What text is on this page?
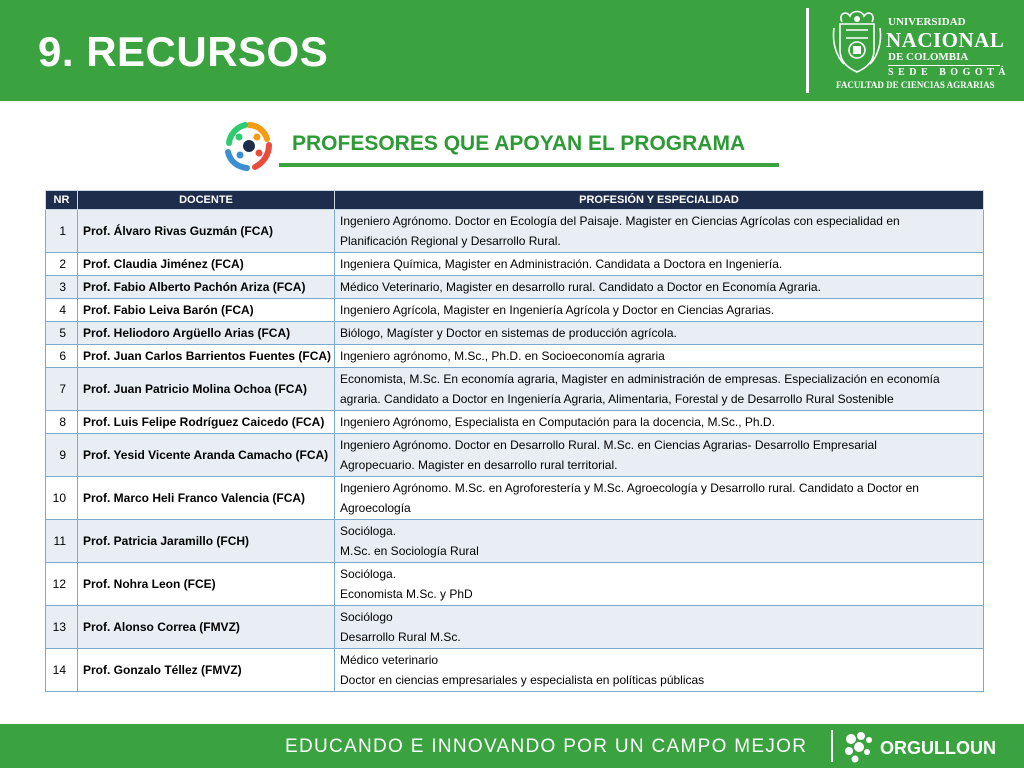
9. RECURSOS
UNIVERSIDAD
NACIONAL
DE COLOMBIA
SEDE BOGOTÁ
FACULTAD DE CIENCIAS AGRARIAS
PROFESORES QUE APOYAN EL PROGRAMA
NR	DOCENTE	PROFESIÓN Y ESPECIALIDAD
1	Prof. Álvaro Rivas Guzmán (FCA)	Ingeniero Agrónomo. Doctor en Ecología del Paisaje. Magister en Ciencias Agrícolas con especialidad en
Planificación Regional y Desarrollo Rural.

2	Prof. Claudia Jiménez (FCA)	Ingeniera Química, Magister en Administración. Candidata a Doctora en Ingeniería.

3	Prof. Fabio Alberto Pachón Ariza (FCA)	Médico Veterinario, Magister en desarrollo rural. Candidato a Doctor en Economía Agraria.

4	Prof. Fabio Leiva Barón (FCA)	Ingeniero Agrícola, Magister en Ingeniería Agrícola y Doctor en Ciencias Agrarias.

5	Prof. Heliodoro Argüello Arias (FCA)	Biólogo, Magíster y Doctor en sistemas de producción agrícola.

6	Prof. Juan Carlos Barrientos Fuentes (FCA)	Ingeniero agrónomo, M.Sc., Ph.D. en Socioeconomía agraria

7	Prof. Juan Patricio Molina Ochoa (FCA)	Economista, M.Sc. En economía agraria, Magister en administración de empresas. Especialización en economía
agraria. Candidato a Doctor en Ingeniería Agraria, Alimentaria, Forestal y de Desarrollo Rural Sostenible

8	Prof. Luis Felipe Rodríguez Caicedo (FCA)	Ingeniero Agrónomo, Especialista en Computación para la docencia, M.Sc., Ph.D.

9	Prof. Yesid Vicente Aranda Camacho (FCA)	Ingeniero Agrónomo. Doctor en Desarrollo Rural. M.Sc. en Ciencias Agrarias- Desarrollo Empresarial
Agropecuario. Magister en desarrollo rural territorial.

10	Prof. Marco Heli Franco Valencia (FCA)	Ingeniero Agrónomo. M.Sc. en Agroforestería y M.Sc. Agroecología y Desarrollo rural. Candidato a Doctor en
Agroecología

11	Prof. Patricia Jaramillo (FCH)	Socióloga.
M.Sc. en Sociología Rural

12	Prof. Nohra Leon (FCE)	Socióloga.
Economista M.Sc. y PhD

13	Prof. Alonso Correa (FMVZ)	Sociólogo
Desarrollo Rural M.Sc.

14	Prof. Gonzalo Téllez (FMVZ)	Médico veterinario
Doctor en ciencias empresariales y especialista en políticas públicas
EDUCANDO E INNOVANDO POR UN CAMPO MEJOR	ORGULLOUN
